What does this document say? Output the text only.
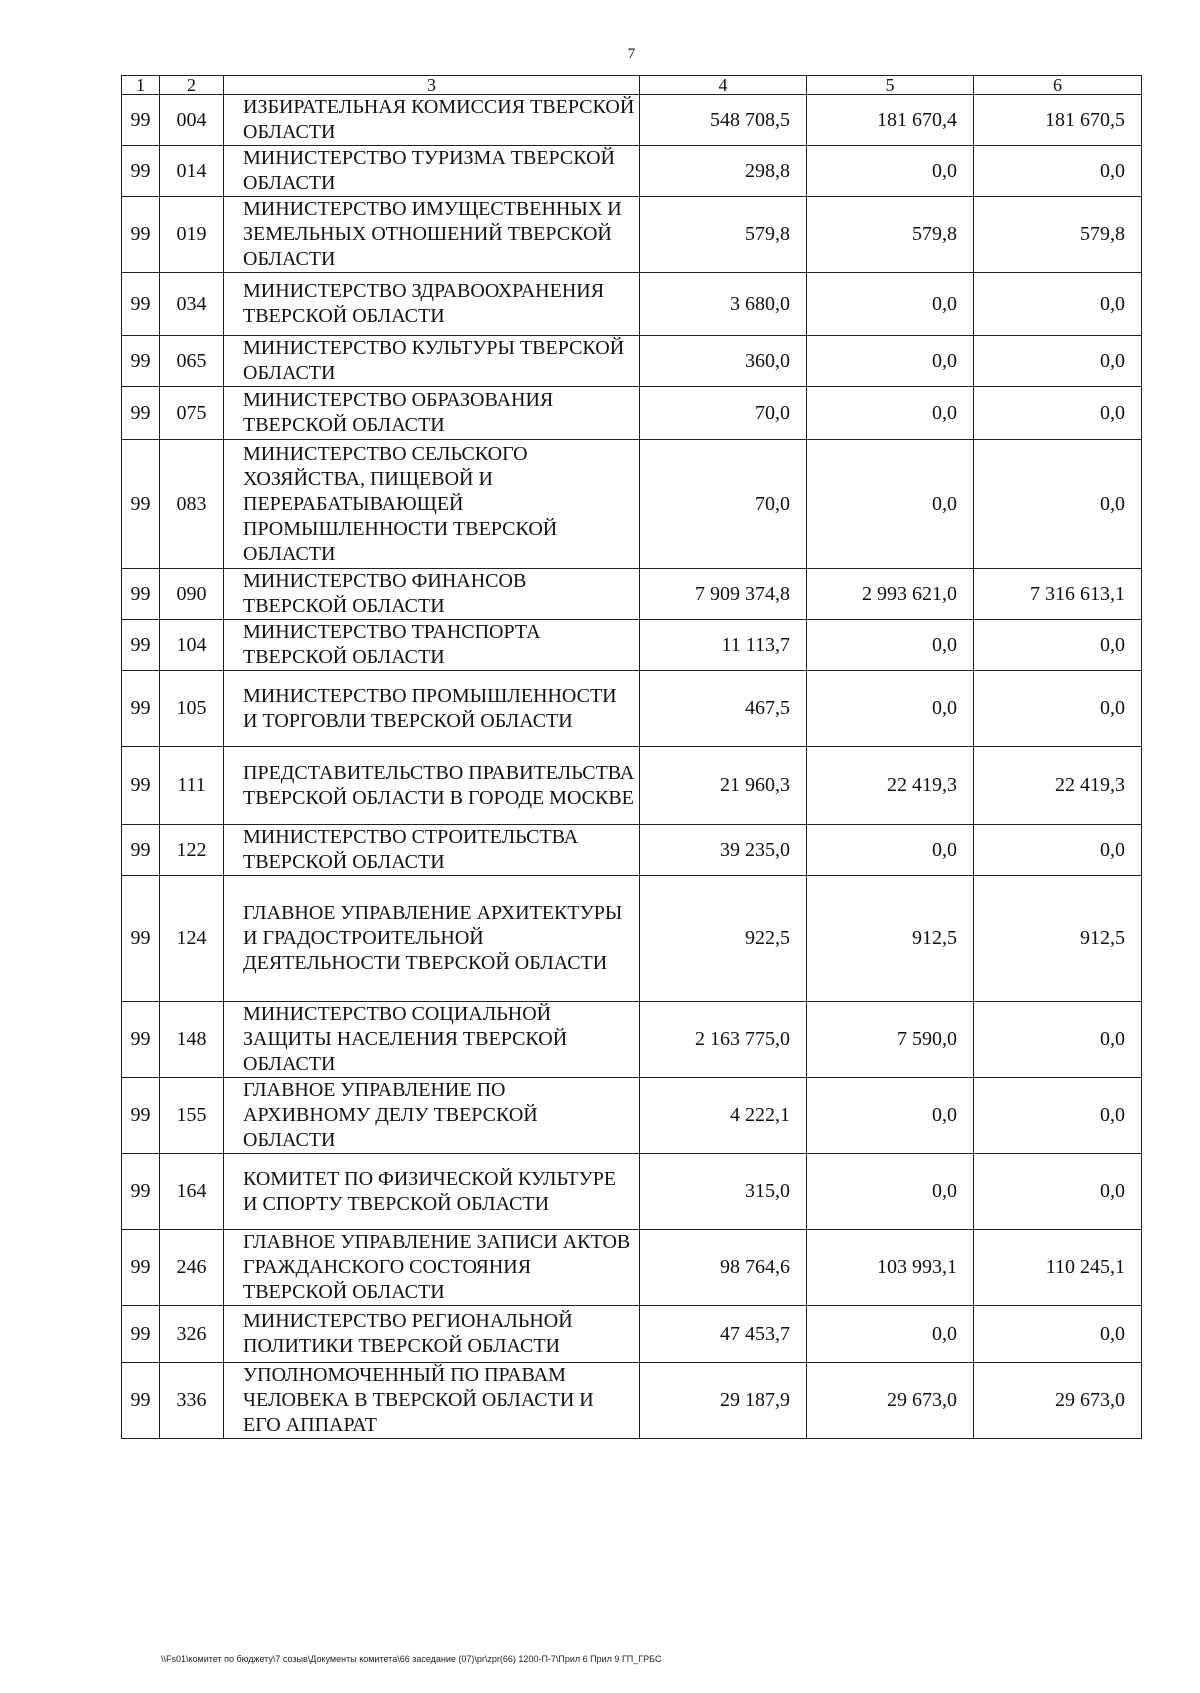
7
1	2	3	4	5	6
99	004	ИЗБИРАТЕЛЬНАЯ КОМИССИЯ ТВЕРСКОЙ ОБЛАСТИ	548 708,5	181 670,4	181 670,5
99	014	МИНИСТЕРСТВО ТУРИЗМА ТВЕРСКОЙ ОБЛАСТИ	298,8	0,0	0,0
99	019	МИНИСТЕРСТВО ИМУЩЕСТВЕННЫХ И ЗЕМЕЛЬНЫХ ОТНОШЕНИЙ ТВЕРСКОЙ ОБЛАСТИ	579,8	579,8	579,8
99	034	МИНИСТЕРСТВО ЗДРАВООХРАНЕНИЯ ТВЕРСКОЙ ОБЛАСТИ	3 680,0	0,0	0,0
99	065	МИНИСТЕРСТВО КУЛЬТУРЫ ТВЕРСКОЙ ОБЛАСТИ	360,0	0,0	0,0
99	075	МИНИСТЕРСТВО ОБРАЗОВАНИЯ ТВЕРСКОЙ ОБЛАСТИ	70,0	0,0	0,0
99	083	МИНИСТЕРСТВО СЕЛЬСКОГО ХОЗЯЙСТВА, ПИЩЕВОЙ И ПЕРЕРАБАТЫВАЮЩЕЙ ПРОМЫШЛЕННОСТИ ТВЕРСКОЙ ОБЛАСТИ	70,0	0,0	0,0
99	090	МИНИСТЕРСТВО ФИНАНСОВ ТВЕРСКОЙ ОБЛАСТИ	7 909 374,8	2 993 621,0	7 316 613,1
99	104	МИНИСТЕРСТВО ТРАНСПОРТА ТВЕРСКОЙ ОБЛАСТИ	11 113,7	0,0	0,0
99	105	МИНИСТЕРСТВО ПРОМЫШЛЕННОСТИ И ТОРГОВЛИ ТВЕРСКОЙ ОБЛАСТИ	467,5	0,0	0,0
99	111	ПРЕДСТАВИТЕЛЬСТВО ПРАВИТЕЛЬСТВА ТВЕРСКОЙ ОБЛАСТИ В ГОРОДЕ МОСКВЕ	21 960,3	22 419,3	22 419,3
99	122	МИНИСТЕРСТВО СТРОИТЕЛЬСТВА ТВЕРСКОЙ ОБЛАСТИ	39 235,0	0,0	0,0
99	124	ГЛАВНОЕ УПРАВЛЕНИЕ АРХИТЕКТУРЫ И ГРАДОСТРОИТЕЛЬНОЙ ДЕЯТЕЛЬНОСТИ ТВЕРСКОЙ ОБЛАСТИ	922,5	912,5	912,5
99	148	МИНИСТЕРСТВО СОЦИАЛЬНОЙ ЗАЩИТЫ НАСЕЛЕНИЯ ТВЕРСКОЙ ОБЛАСТИ	2 163 775,0	7 590,0	0,0
99	155	ГЛАВНОЕ УПРАВЛЕНИЕ ПО АРХИВНОМУ ДЕЛУ ТВЕРСКОЙ ОБЛАСТИ	4 222,1	0,0	0,0
99	164	КОМИТЕТ ПО ФИЗИЧЕСКОЙ КУЛЬТУРЕ И СПОРТУ ТВЕРСКОЙ ОБЛАСТИ	315,0	0,0	0,0
99	246	ГЛАВНОЕ УПРАВЛЕНИЕ ЗАПИСИ АКТОВ ГРАЖДАНСКОГО СОСТОЯНИЯ ТВЕРСКОЙ ОБЛАСТИ	98 764,6	103 993,1	110 245,1
99	326	МИНИСТЕРСТВО РЕГИОНАЛЬНОЙ ПОЛИТИКИ ТВЕРСКОЙ ОБЛАСТИ	47 453,7	0,0	0,0
99	336	УПОЛНОМОЧЕННЫЙ ПО ПРАВАМ ЧЕЛОВЕКА В ТВЕРСКОЙ ОБЛАСТИ И ЕГО АППАРАТ	29 187,9	29 673,0	29 673,0
\\Fs01\комитет по бюджету\7 созыв\Документы комитета\66 заседание (07)\pr\zpr(66) 1200-П-7\Прил 6 Прил 9 ГП_ГРБС
